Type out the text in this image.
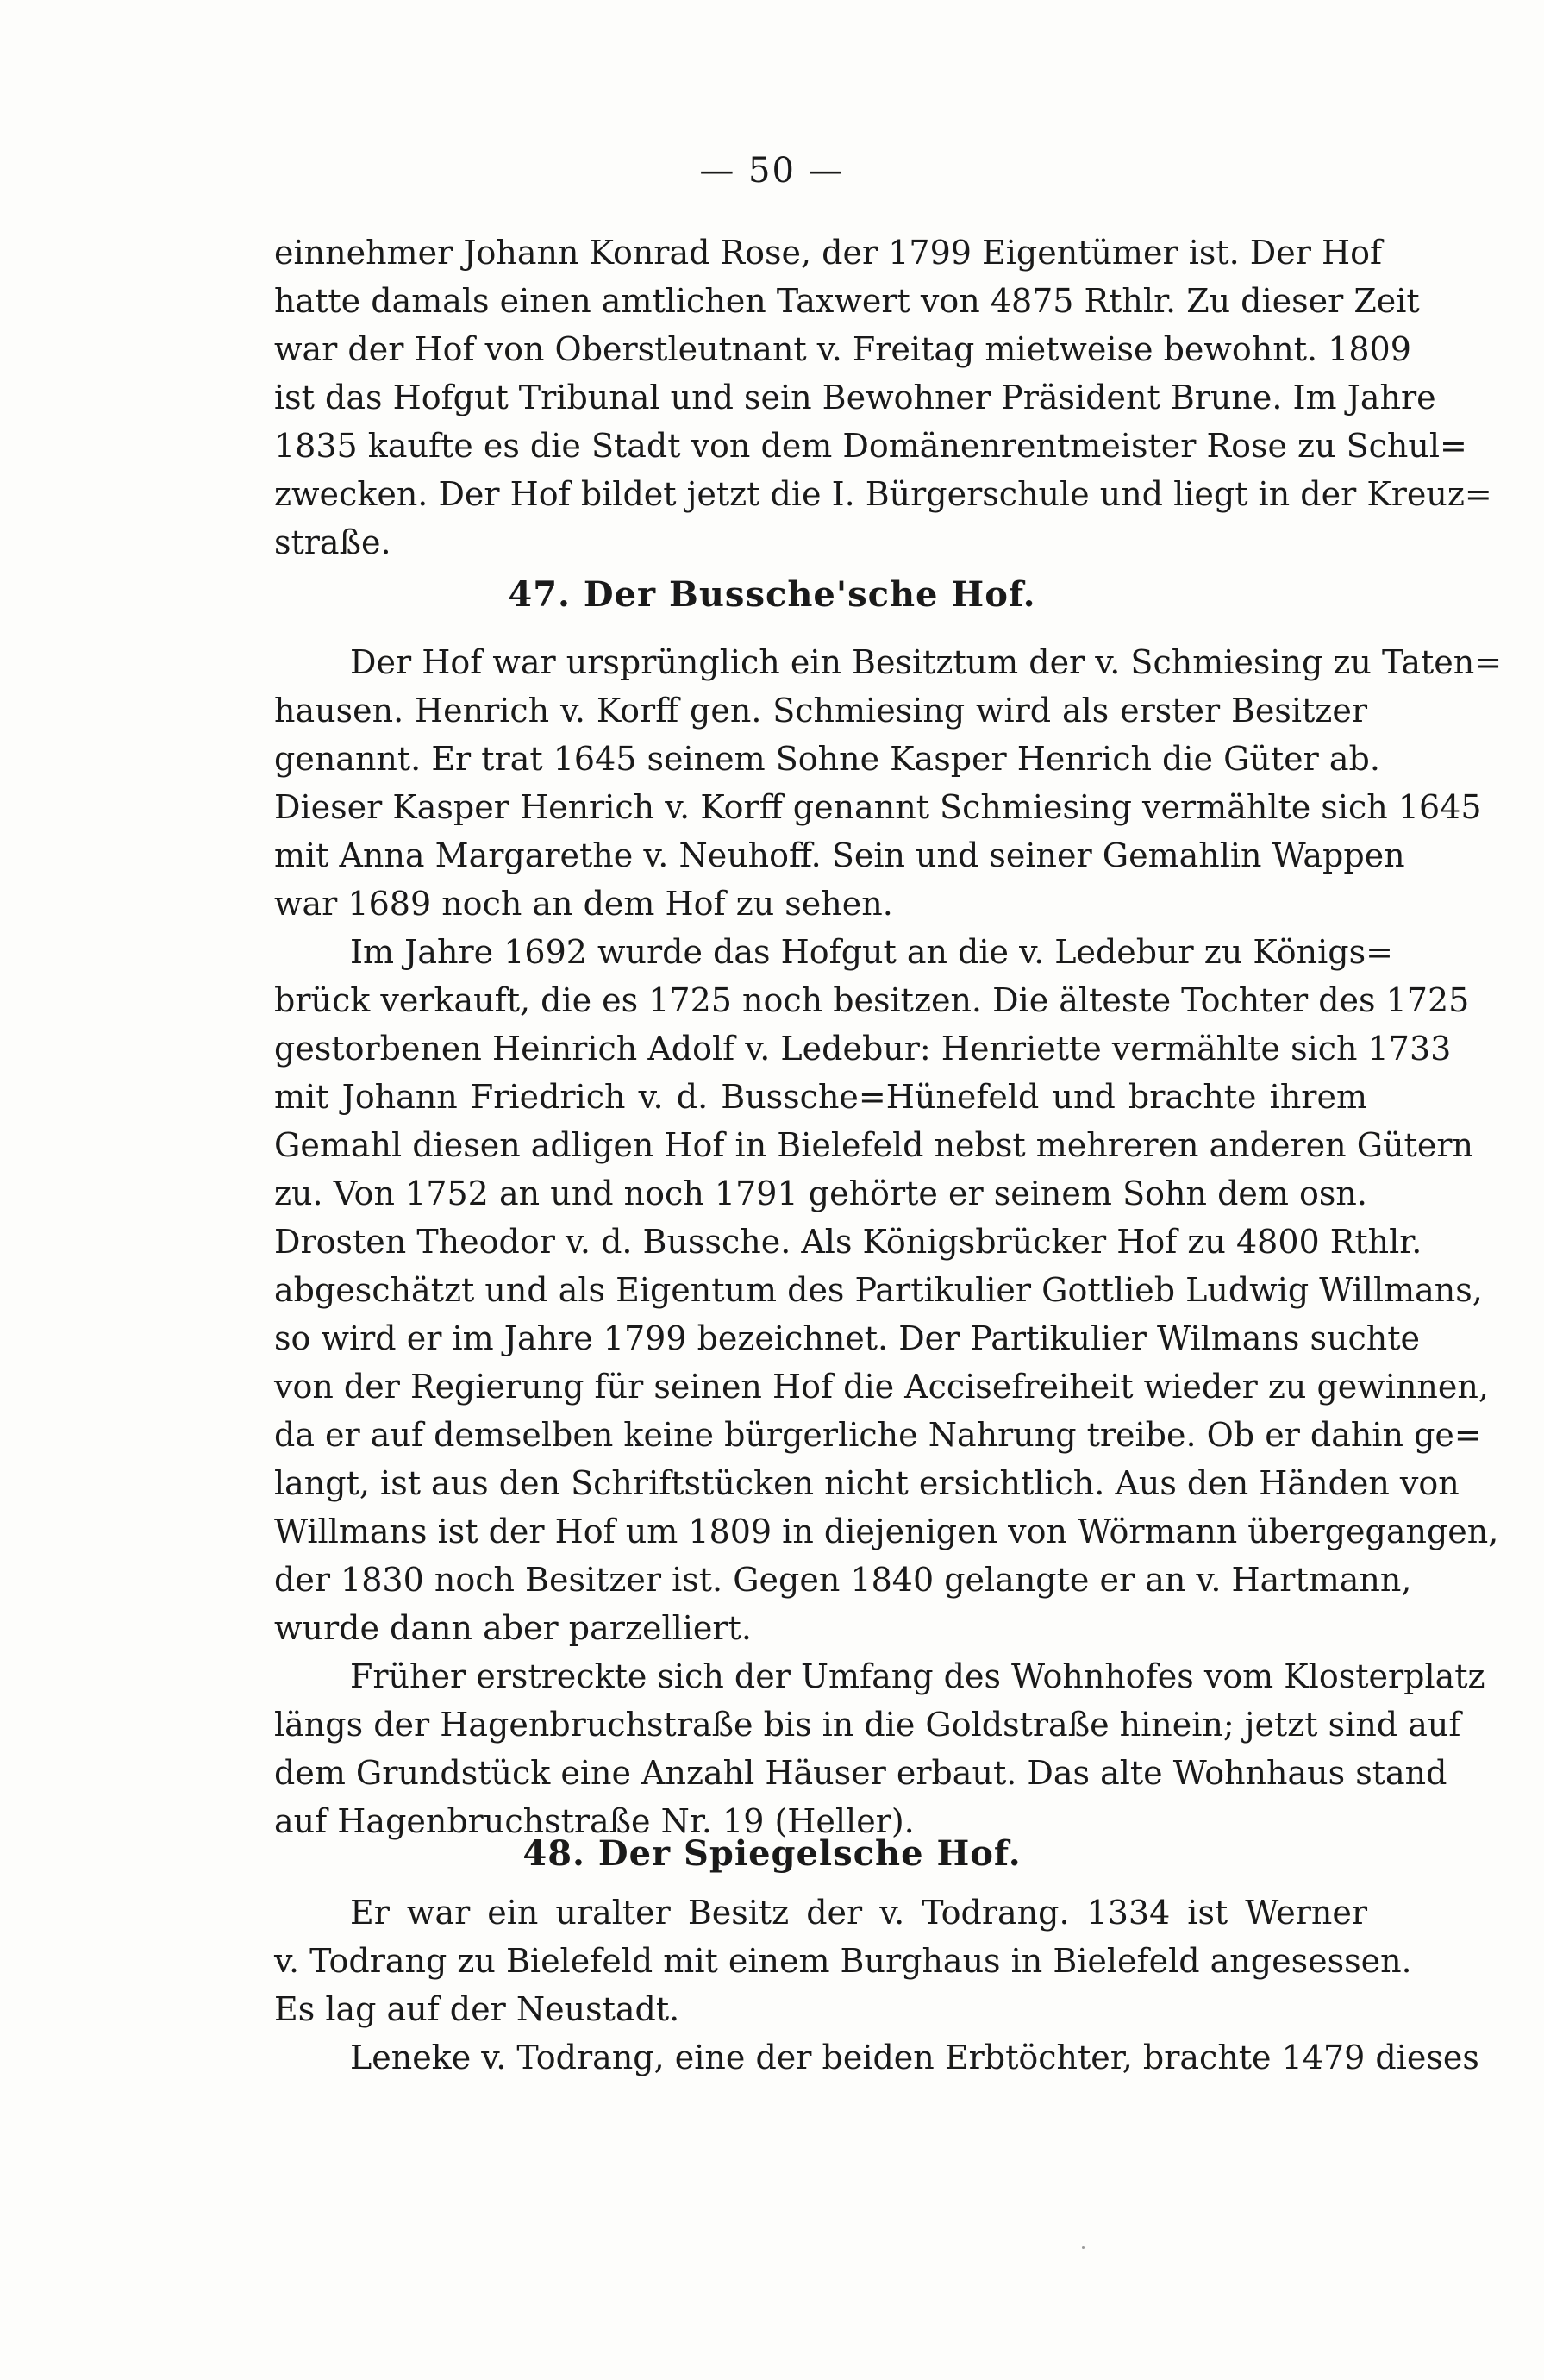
— 50 —
einnehmer Johann Konrad Rose, der 1799 Eigentümer ist. Der Hof
hatte damals einen amtlichen Taxwert von 4875 Rthlr. Zu dieser Zeit
war der Hof von Oberstleutnant v. Freitag mietweise bewohnt. 1809
ist das Hofgut Tribunal und sein Bewohner Präsident Brune. Im Jahre
1835 kaufte es die Stadt von dem Domänenrentmeister Rose zu Schul=
zwecken. Der Hof bildet jetzt die I. Bürgerschule und liegt in der Kreuz=
straße.
47. Der Bussche'sche Hof.
Der Hof war ursprünglich ein Besitztum der v. Schmiesing zu Taten=
hausen. Henrich v. Korff gen. Schmiesing wird als erster Besitzer
genannt. Er trat 1645 seinem Sohne Kasper Henrich die Güter ab.
Dieser Kasper Henrich v. Korff genannt Schmiesing vermählte sich 1645
mit Anna Margarethe v. Neuhoff. Sein und seiner Gemahlin Wappen
war 1689 noch an dem Hof zu sehen.
Im Jahre 1692 wurde das Hofgut an die v. Ledebur zu Königs=
brück verkauft, die es 1725 noch besitzen. Die älteste Tochter des 1725
gestorbenen Heinrich Adolf v. Ledebur: Henriette vermählte sich 1733
mit Johann Friedrich v. d. Bussche=Hünefeld und brachte ihrem
Gemahl diesen adligen Hof in Bielefeld nebst mehreren anderen Gütern
zu. Von 1752 an und noch 1791 gehörte er seinem Sohn dem osn.
Drosten Theodor v. d. Bussche. Als Königsbrücker Hof zu 4800 Rthlr.
abgeschätzt und als Eigentum des Partikulier Gottlieb Ludwig Willmans,
so wird er im Jahre 1799 bezeichnet. Der Partikulier Wilmans suchte
von der Regierung für seinen Hof die Accisefreiheit wieder zu gewinnen,
da er auf demselben keine bürgerliche Nahrung treibe. Ob er dahin ge=
langt, ist aus den Schriftstücken nicht ersichtlich. Aus den Händen von
Willmans ist der Hof um 1809 in diejenigen von Wörmann übergegangen,
der 1830 noch Besitzer ist. Gegen 1840 gelangte er an v. Hartmann,
wurde dann aber parzelliert.
Früher erstreckte sich der Umfang des Wohnhofes vom Klosterplatz
längs der Hagenbruchstraße bis in die Goldstraße hinein; jetzt sind auf
dem Grundstück eine Anzahl Häuser erbaut. Das alte Wohnhaus stand
auf Hagenbruchstraße Nr. 19 (Heller).
48. Der Spiegelsche Hof.
Er war ein uralter Besitz der v. Todrang. 1334 ist Werner
v. Todrang zu Bielefeld mit einem Burghaus in Bielefeld angesessen.
Es lag auf der Neustadt.
Leneke v. Todrang, eine der beiden Erbtöchter, brachte 1479 dieses
